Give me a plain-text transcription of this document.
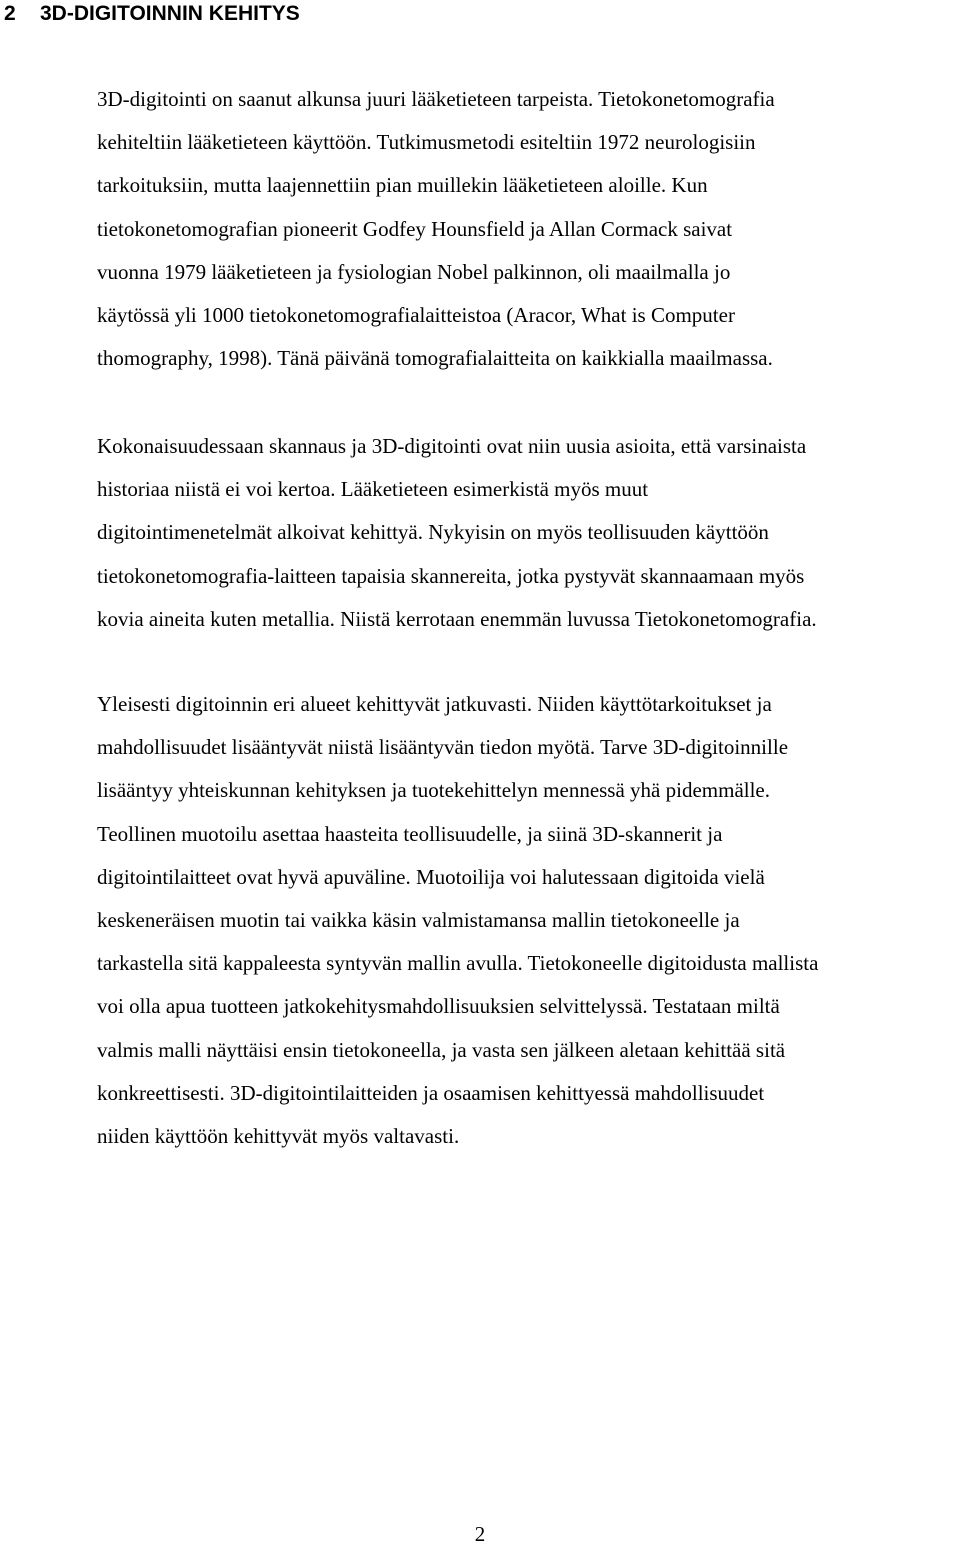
2 3D-DIGITOINNIN KEHITYS

3D-digitointi on saanut alkunsa juuri lääketieteen tarpeista. Tietokonetomografia
kehiteltiin lääketieteen käyttöön. Tutkimusmetodi esiteltiin 1972 neurologisiin
tarkoituksiin, mutta laajennettiin pian muillekin lääketieteen aloille. Kun
tietokonetomografian pioneerit Godfey Hounsfield ja Allan Cormack saivat
vuonna 1979 lääketieteen ja fysiologian Nobel palkinnon, oli maailmalla jo
käytössä yli 1000 tietokonetomografialaitteistoa (Aracor, What is Computer
thomography, 1998). Tänä päivänä tomografialaitteita on kaikkialla maailmassa.

Kokonaisuudessaan skannaus ja 3D-digitointi ovat niin uusia asioita, että varsinaista
historiaa niistä ei voi kertoa. Lääketieteen esimerkistä myös muut
digitointimenetelmät alkoivat kehittyä. Nykyisin on myös teollisuuden käyttöön
tietokonetomografia-laitteen tapaisia skannereita, jotka pystyvät skannaamaan myös
kovia aineita kuten metallia. Niistä kerrotaan enemmän luvussa Tietokonetomografia.

Yleisesti digitoinnin eri alueet kehittyvät jatkuvasti. Niiden käyttötarkoitukset ja
mahdollisuudet lisääntyvät niistä lisääntyvän tiedon myötä. Tarve 3D-digitoinnille
lisääntyy yhteiskunnan kehityksen ja tuotekehittelyn mennessä yhä pidemmälle.
Teollinen muotoilu asettaa haasteita teollisuudelle, ja siinä 3D-skannerit ja
digitointilaitteet ovat hyvä apuväline. Muotoilija voi halutessaan digitoida vielä
keskeneräisen muotin tai vaikka käsin valmistamansa mallin tietokoneelle ja
tarkastella sitä kappaleesta syntyvän mallin avulla. Tietokoneelle digitoidusta mallista
voi olla apua tuotteen jatkokehitysmahdollisuuksien selvittelyssä. Testataan miltä
valmis malli näyttäisi ensin tietokoneella, ja vasta sen jälkeen aletaan kehittää sitä
konkreettisesti. 3D-digitointilaitteiden ja osaamisen kehittyessä mahdollisuudet
niiden käyttöön kehittyvät myös valtavasti.

2
